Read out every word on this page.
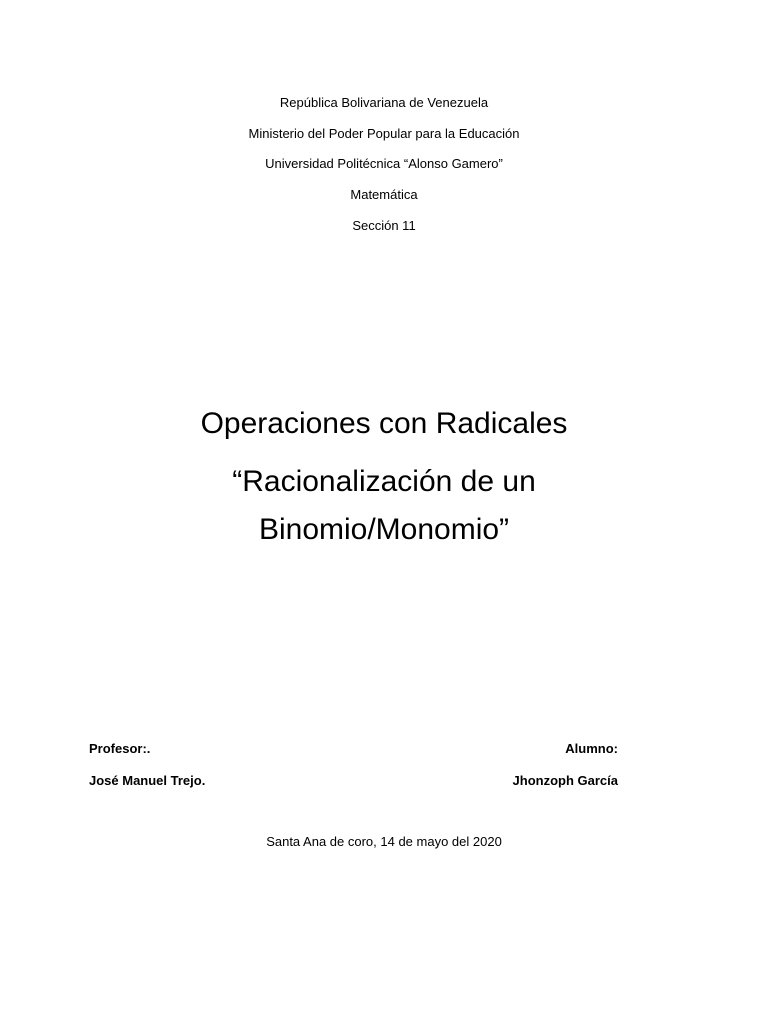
República Bolivariana de Venezuela
Ministerio del Poder Popular para la Educación
Universidad Politécnica “Alonso Gamero”
Matemática
Sección 11
Operaciones con Radicales
“Racionalización de un
Binomio/Monomio”
Profesor:.	Alumno:
José Manuel Trejo.	Jhonzoph García
Santa Ana de coro, 14 de mayo del 2020
